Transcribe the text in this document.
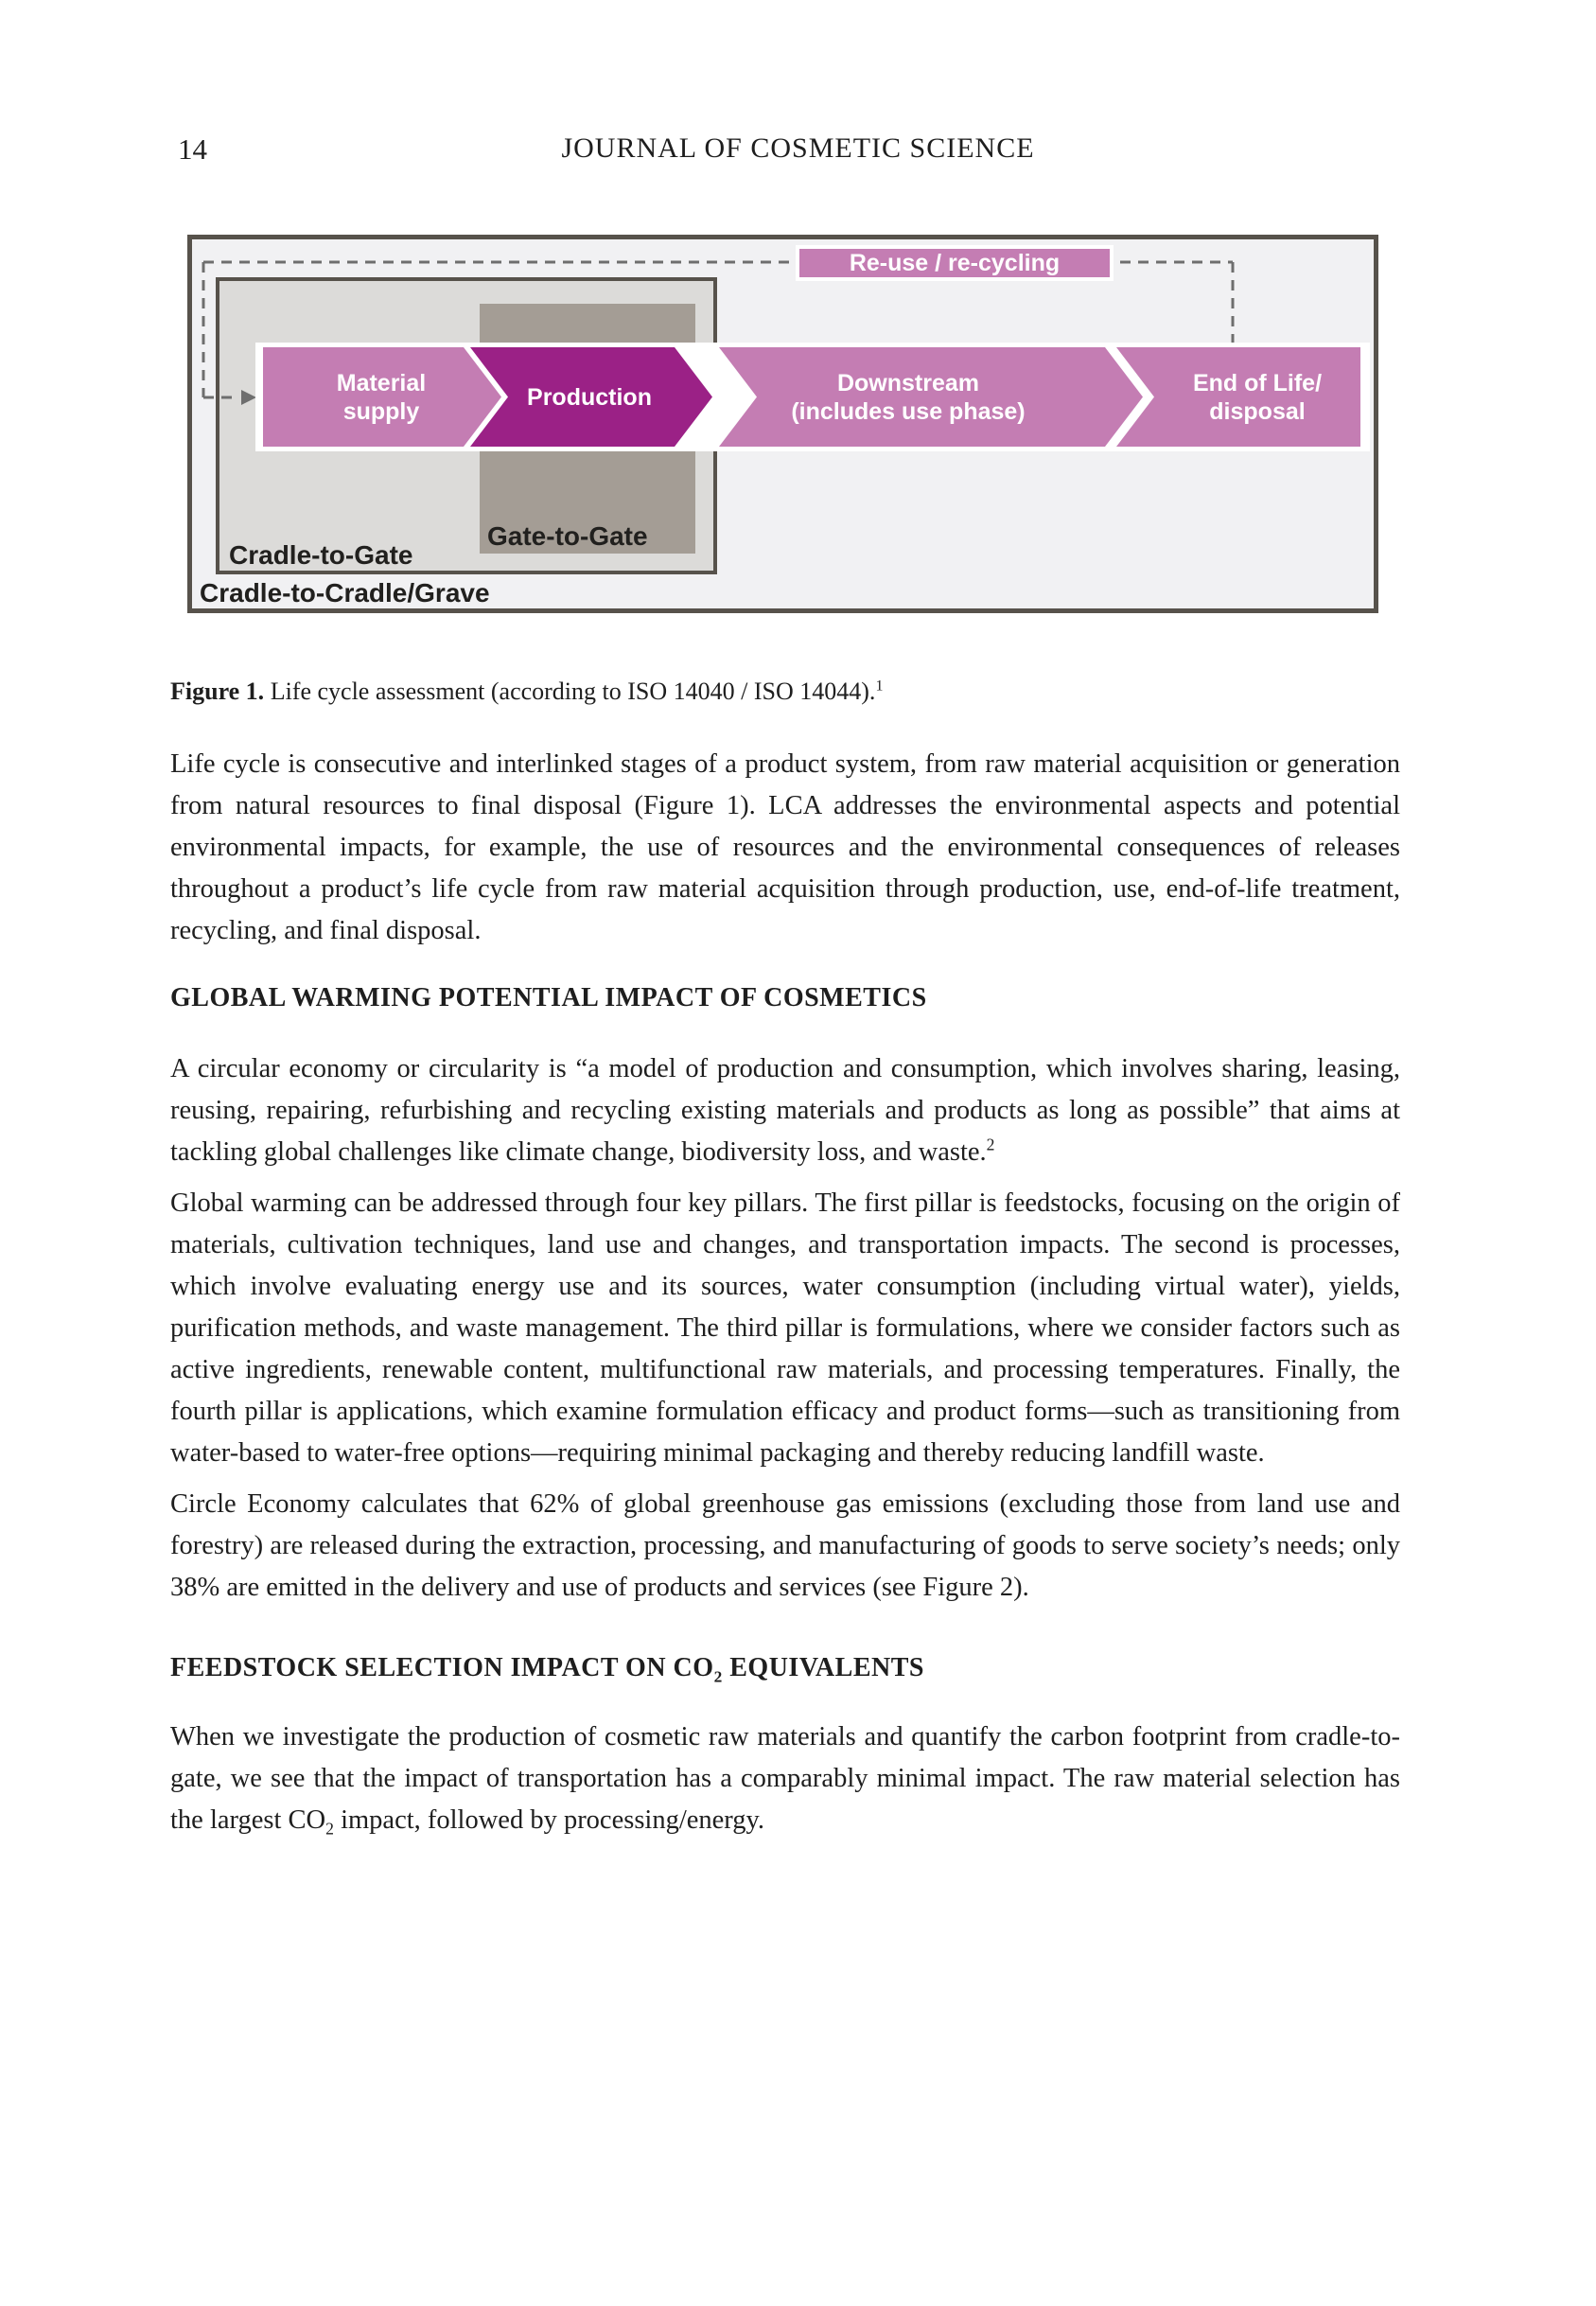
14	JOURNAL OF COSMETIC SCIENCE
Gate-to-Gate
Cradle-to-Gate
Material
supply
Production
Downstream
(includes use phase)
End of Life/
disposal
Re-use / re-cycling
Cradle-to-Cradle/Grave
Figure 1. Life cycle assessment (according to ISO 14040 / ISO 14044).$^1$

Life cycle is consecutive and interlinked stages of a product system, from raw material acquisition or generation from natural resources to final disposal (Figure 1). LCA addresses the environmental aspects and potential environmental impacts, for example, the use of resources and the environmental consequences of releases throughout a product’s life cycle from raw material acquisition through production, use, end-of-life treatment, recycling, and final disposal.

GLOBAL WARMING POTENTIAL IMPACT OF COSMETICS

A circular economy or circularity is “a model of production and consumption, which involves sharing, leasing, reusing, repairing, refurbishing and recycling existing materials and products as long as possible” that aims at tackling global challenges like climate change, biodiversity loss, and waste.$^2$

Global warming can be addressed through four key pillars. The first pillar is feedstocks, focusing on the origin of materials, cultivation techniques, land use and changes, and transportation impacts. The second is processes, which involve evaluating energy use and its sources, water consumption (including virtual water), yields, purification methods, and waste management. The third pillar is formulations, where we consider factors such as active ingredients, renewable content, multifunctional raw materials, and processing temperatures. Finally, the fourth pillar is applications, which examine formulation efficacy and product forms—such as transitioning from water-based to water-free options—requiring minimal packaging and thereby reducing landfill waste.

Circle Economy calculates that 62% of global greenhouse gas emissions (excluding those from land use and forestry) are released during the extraction, processing, and manufacturing of goods to serve society’s needs; only 38% are emitted in the delivery and use of products and services (see Figure 2).

FEEDSTOCK SELECTION IMPACT ON $CO_2$ EQUIVALENTS

When we investigate the production of cosmetic raw materials and quantify the carbon footprint from cradle-to-gate, we see that the impact of transportation has a comparably minimal impact. The raw material selection has the largest $CO_2$ impact, followed by processing/energy.
